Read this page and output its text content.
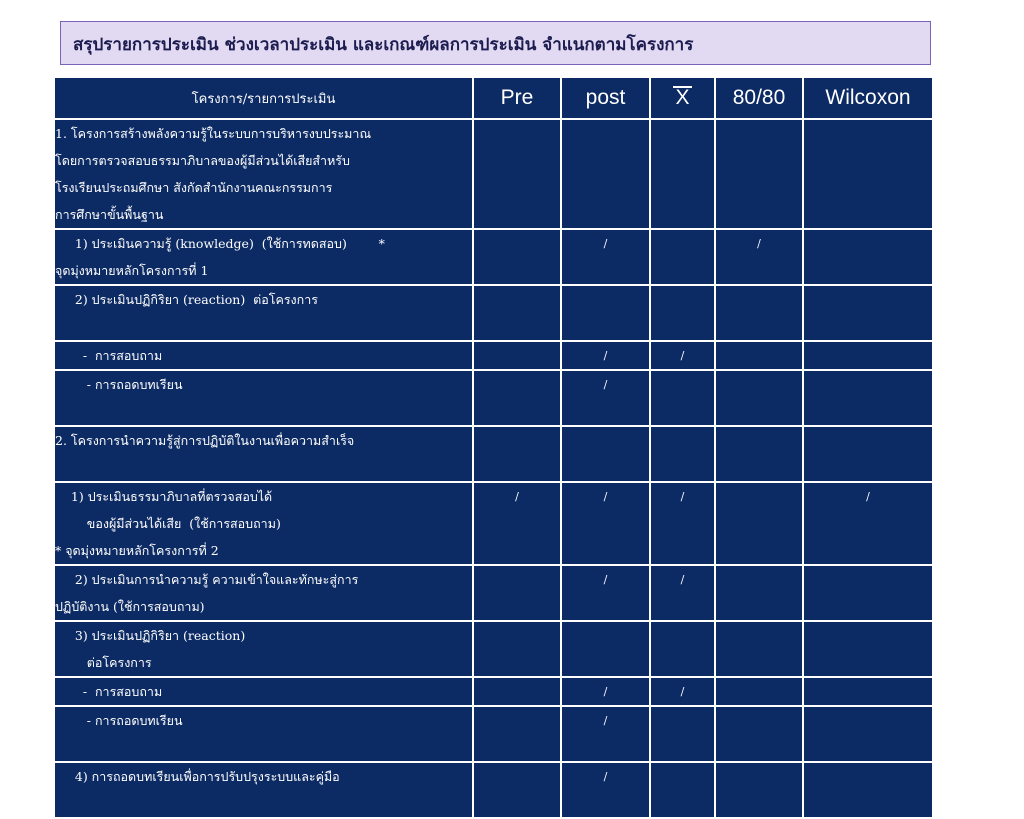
สรุปรายการประเมิน ช่วงเวลาประเมิน และเกณฑ์ผลการประเมิน จำแนกตามโครงการ
โครงการ/รายการประเมิน	Pre	post	X	80/80	Wilcoxon

1. โครงการสร้างพลังความรู้ในระบบการบริหารงบประมาณ
โดยการตรวจสอบธรรมาภิบาลของผู้มีส่วนได้เสียสำหรับ
โรงเรียนประถมศึกษา สังกัดสำนักงานคณะกรรมการ
การศึกษาขั้นพื้นฐาน					

1) ประเมินความรู้ (knowledge)  (ใช้การทดสอบ)        *
จุดมุ่งหมายหลักโครงการที่ 1		/		/	

2) ประเมินปฏิกิริยา (reaction)  ต่อโครงการ					

-  การสอบถาม		/	/		

- การถอดบทเรียน		/			

2. โครงการนำความรู้สู่การปฏิบัติในงานเพื่อความสำเร็จ					

1) ประเมินธรรมาภิบาลที่ตรวจสอบได้
ของผู้มีส่วนได้เสีย  (ใช้การสอบถาม)
* จุดมุ่งหมายหลักโครงการที่ 2	/	/	/		/

2) ประเมินการนำความรู้ ความเข้าใจและทักษะสู่การ
ปฏิบัติงาน (ใช้การสอบถาม)		/	/		

3) ประเมินปฏิกิริยา (reaction)
ต่อโครงการ					

-  การสอบถาม		/	/		

- การถอดบทเรียน		/			

4) การถอดบทเรียนเพื่อการปรับปรุงระบบและคู่มือ		/			
